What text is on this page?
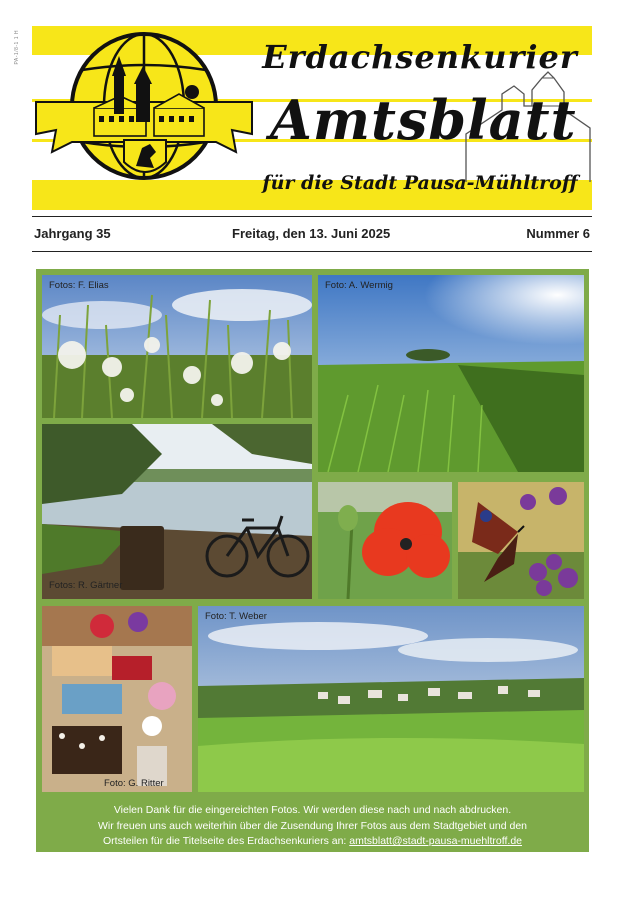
PA-1/8-1 1 H	Erdachsenkurier
Amtsblatt
für die Stadt Pausa-Mühltroff
Jahrgang 35	Freitag, den 13. Juni 2025	Nummer 6
Fotos: F. Elias	Foto: A. Wermig
Fotos: R. Gärtner
Foto: G. Ritter
Foto: T. Weber
Vielen Dank für die eingereichten Fotos. Wir werden diese nach und nach abdrucken.
Wir freuen uns auch weiterhin über die Zusendung Ihrer Fotos aus dem Stadtgebiet und den
Ortsteilen für die Titelseite des Erdachsenkuriers an: amtsblatt@stadt-pausa-muehltroff.de
